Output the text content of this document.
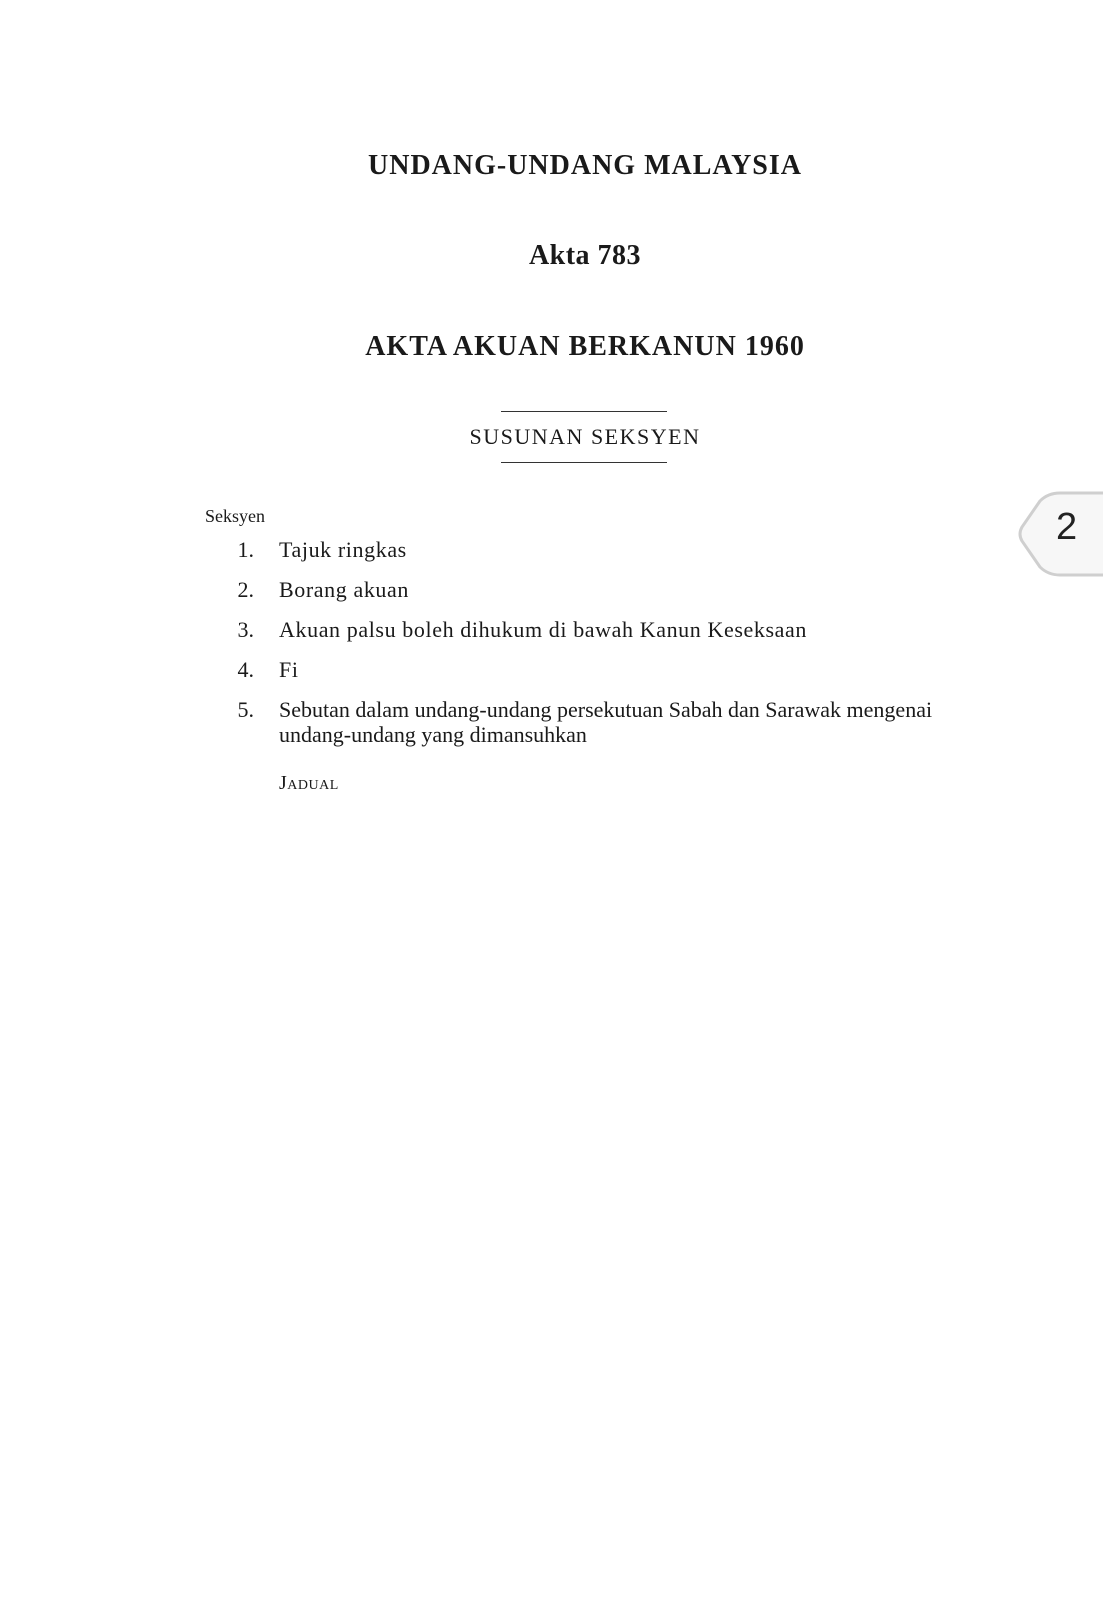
UNDANG-UNDANG MALAYSIA
Akta 783
AKTA AKUAN BERKANUN 1960
SUSUNAN SEKSYEN
Seksyen
1. Tajuk ringkas
2. Borang akuan
3. Akuan palsu boleh dihukum di bawah Kanun Keseksaan
4. Fi
5. Sebutan dalam undang-undang persekutuan Sabah dan Sarawak mengenai undang-undang yang dimansuhkan
Jadual
2
